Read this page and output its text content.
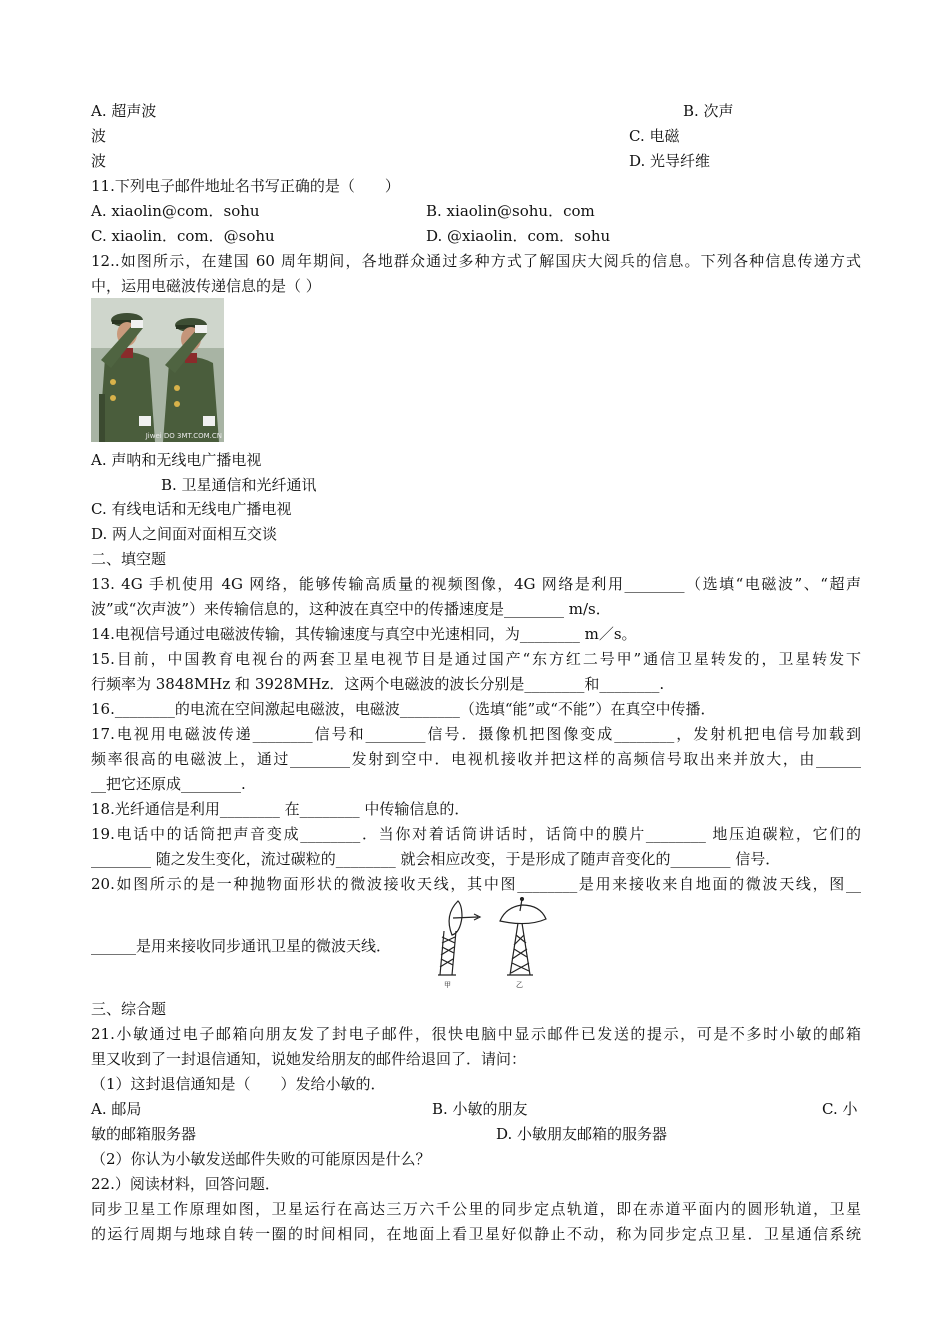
A. 超声波	B. 次声
波	C. 电磁
波	D. 光导纤维
11.下列电子邮件地址名书写正确的是（　　）
A. xiaolin@com．sohu	B. xiaolin@sohu．com
C. xiaolin．com．@sohu	D. @xiaolin．com．sohu
12..如图所示，在建国 60 周年期间，各地群众通过多种方式了解国庆大阅兵的信息。下列各种信息传递方式
中，运用电磁波传递信息的是（ ）
Jiwei DO 3MT.COM.CN
A. 声呐和无线电广播电视
B. 卫星通信和光纤通讯
C. 有线电话和无线电广播电视
D. 两人之间面对面相互交谈
二、填空题
13. 4G 手机使用 4G 网络，能够传输高质量的视频图像，4G 网络是利用________（选填“电磁波”、“超声
波”或“次声波”）来传输信息的，这种波在真空中的传播速度是________ m/s．
14.电视信号通过电磁波传输，其传输速度与真空中光速相同，为________ m／s。
15.目前，中国教育电视台的两套卫星电视节目是通过国产“东方红二号甲”通信卫星转发的，卫星转发下
行频率为 3848MHz 和 3928MHz．这两个电磁波的波长分别是________和________.
16.________的电流在空间激起电磁波，电磁波________（选填“能”或“不能”）在真空中传播．
17.电视用电磁波传递________信号和________信号．摄像机把图像变成________，发射机把电信号加载到
频率很高的电磁波上，通过________发射到空中．电视机接收并把这样的高频信号取出来并放大，由______
__把它还原成________.
18.光纤通信是利用________ 在________ 中传输信息的．
19.电话中的话筒把声音变成________．当你对着话筒讲话时，话筒中的膜片________ 地压迫碳粒，它们的
________ 随之发生变化，流过碳粒的________ 就会相应改变，于是形成了随声音变化的________ 信号．
20.如图所示的是一种抛物面形状的微波接收天线，其中图________是用来接收来自地面的微波天线，图__
______是用来接收同步通讯卫星的微波天线．
甲	乙
三、综合题
21.小敏通过电子邮箱向朋友发了封电子邮件，很快电脑中显示邮件已发送的提示，可是不多时小敏的邮箱
里又收到了一封退信通知，说她发给朋友的邮件给退回了．请问：
（1）这封退信通知是（　　）发给小敏的．
A. 邮局	B. 小敏的朋友	C. 小
敏的邮箱服务器	D. 小敏朋友邮箱的服务器
（2）你认为小敏发送邮件失败的可能原因是什么？
22.）阅读材料，回答问题．
同步卫星工作原理如图，卫星运行在高达三万六千公里的同步定点轨道，即在赤道平面内的圆形轨道，卫星
的运行周期与地球自转一圈的时间相同，在地面上看卫星好似静止不动，称为同步定点卫星．卫星通信系统
